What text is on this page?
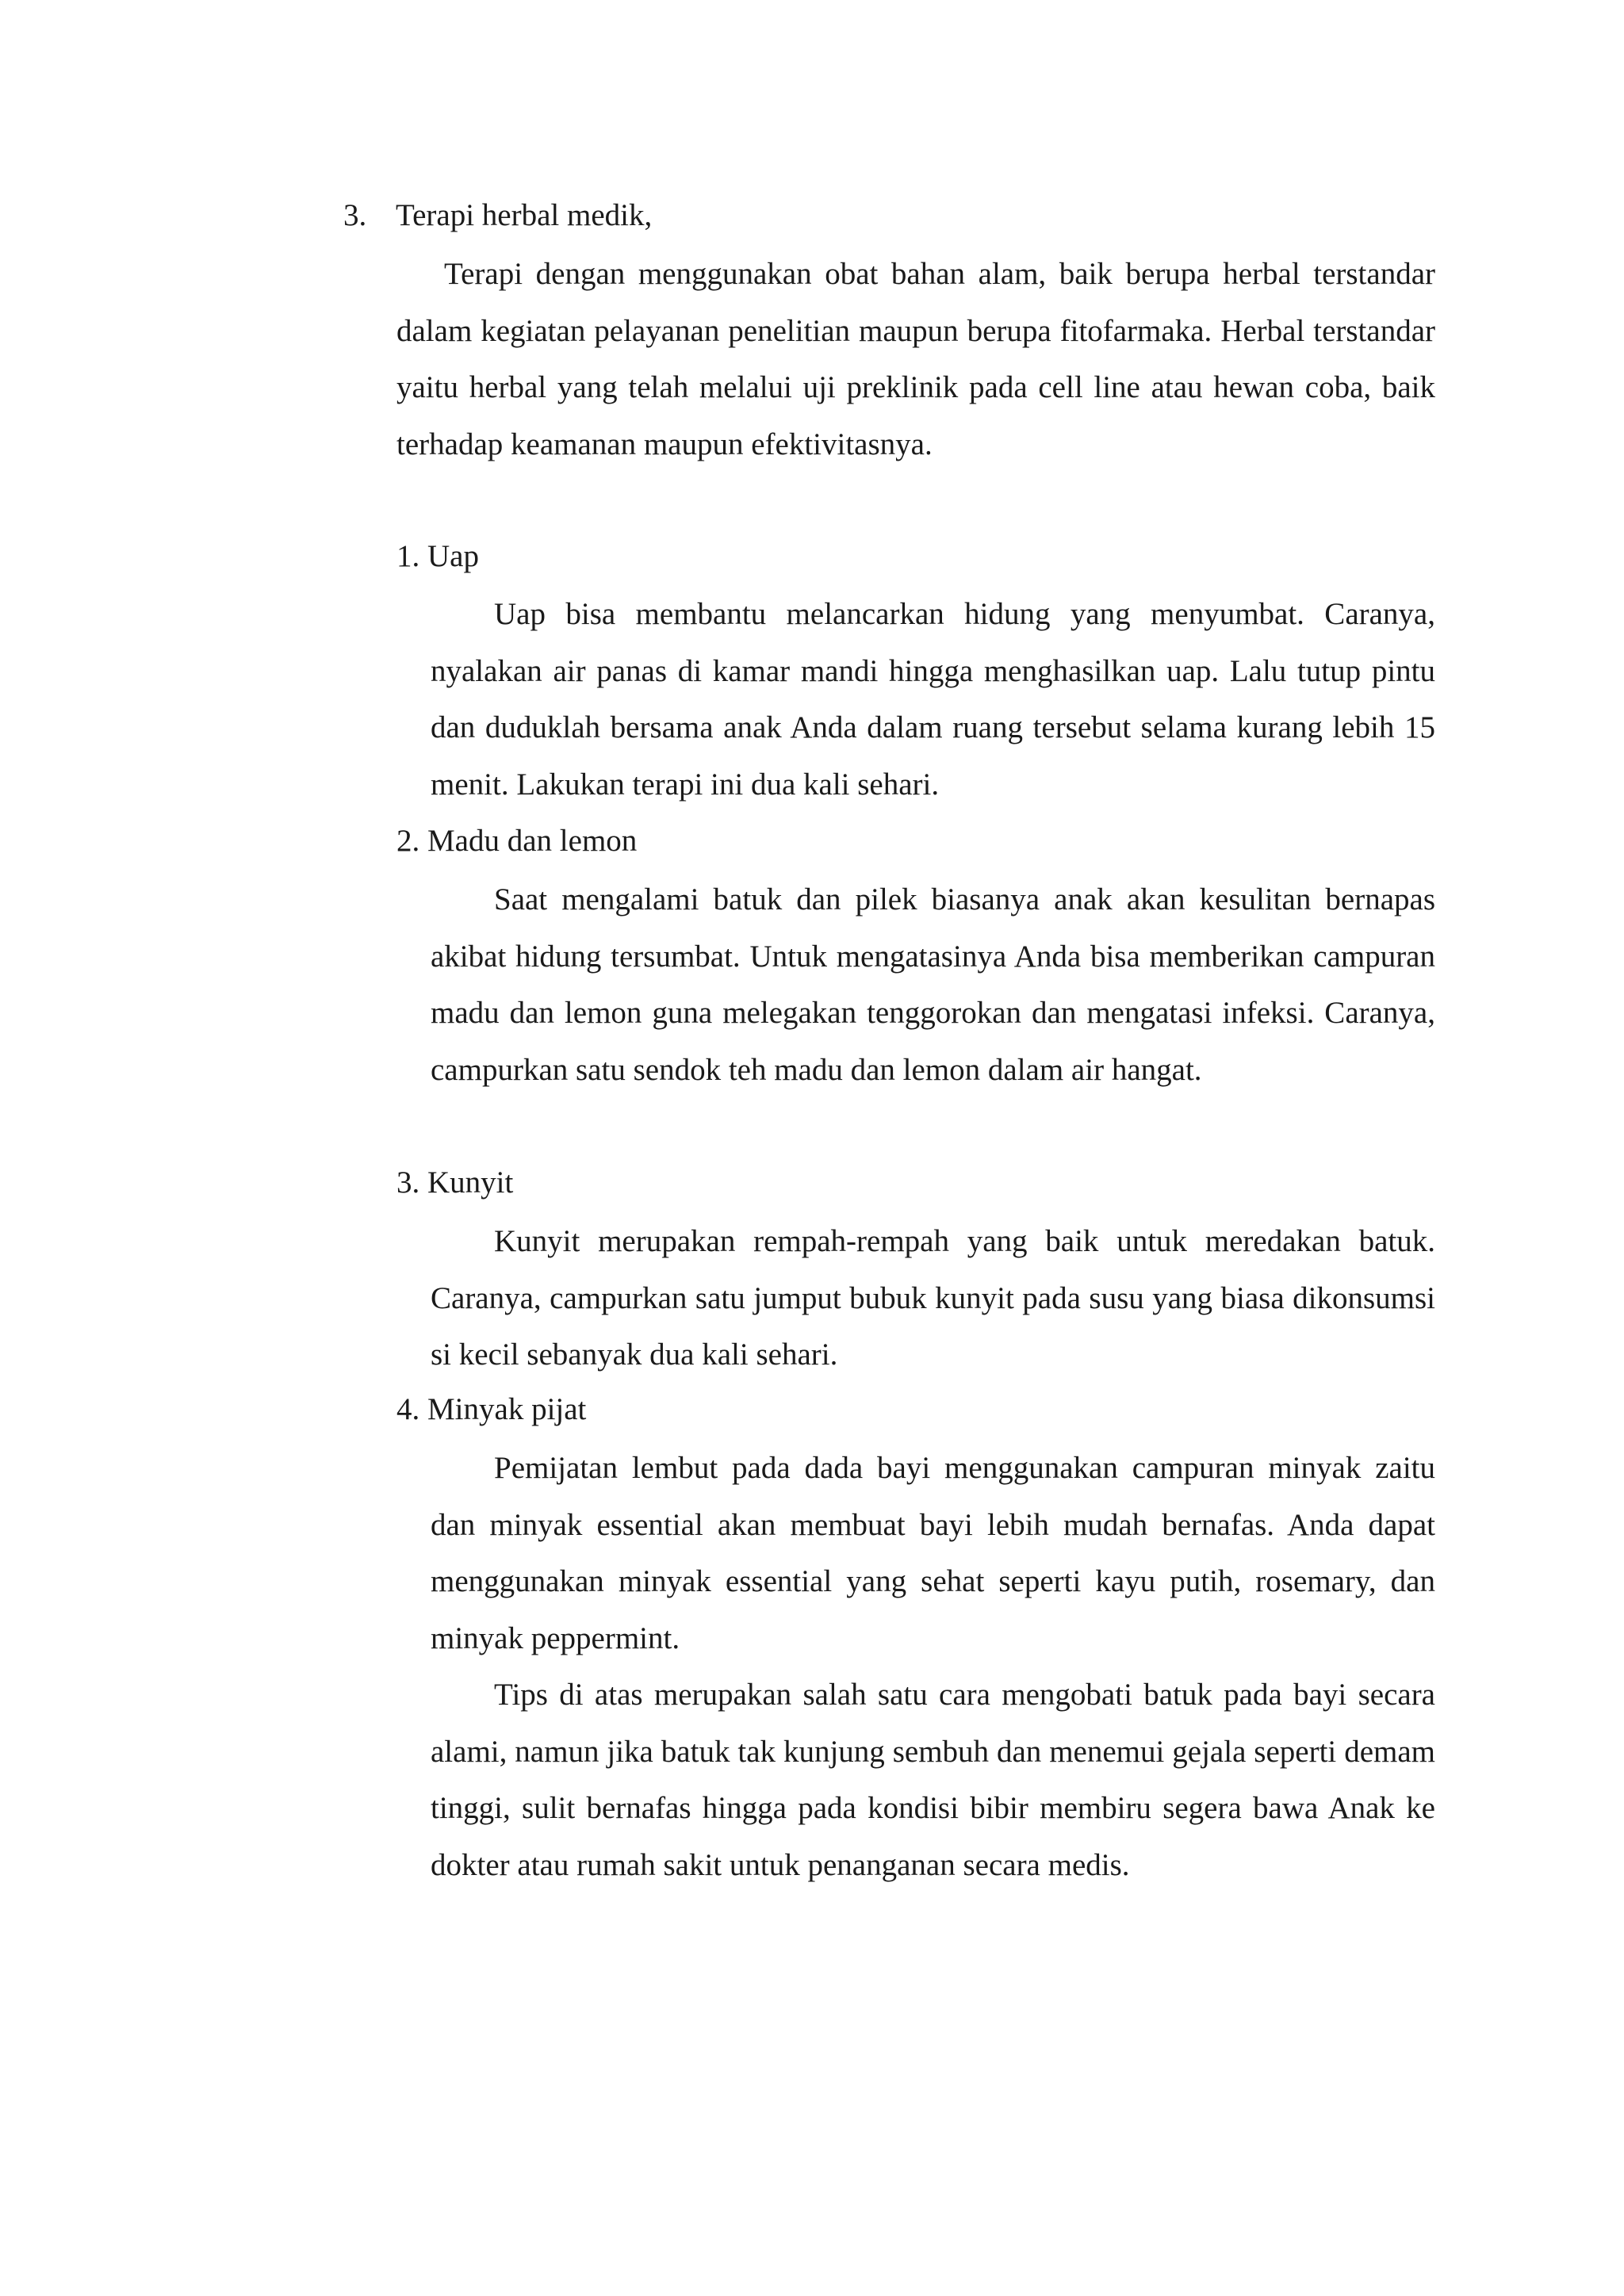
3. Terapi herbal medik,

Terapi dengan menggunakan obat bahan alam, baik berupa herbal terstandar dalam kegiatan pelayanan penelitian maupun berupa fitofarmaka. Herbal terstandar yaitu herbal yang telah melalui uji preklinik pada cell line atau hewan coba, baik terhadap keamanan maupun efektivitasnya.

1. Uap

Uap bisa membantu melancarkan hidung yang menyumbat. Caranya, nyalakan air panas di kamar mandi hingga menghasilkan uap. Lalu tutup pintu dan duduklah bersama anak Anda dalam ruang tersebut selama kurang lebih 15 menit. Lakukan terapi ini dua kali sehari.

2. Madu dan lemon

Saat mengalami batuk dan pilek biasanya anak akan kesulitan bernapas akibat hidung tersumbat. Untuk mengatasinya Anda bisa memberikan campuran madu dan lemon guna melegakan tenggorokan dan mengatasi infeksi. Caranya, campurkan satu sendok teh madu dan lemon dalam air hangat.

3. Kunyit

Kunyit merupakan rempah-rempah yang baik untuk meredakan batuk. Caranya, campurkan satu jumput bubuk kunyit pada susu yang biasa dikonsumsi si kecil sebanyak dua kali sehari.

4. Minyak pijat

Pemijatan lembut pada dada bayi menggunakan campuran minyak zaitu dan minyak essential akan membuat bayi lebih mudah bernafas. Anda dapat menggunakan minyak essential yang sehat seperti kayu putih, rosemary, dan minyak peppermint.

Tips di atas merupakan salah satu cara mengobati batuk pada bayi secara alami, namun jika batuk tak kunjung sembuh dan menemui gejala seperti demam tinggi, sulit bernafas hingga pada kondisi bibir membiru segera bawa Anak ke dokter atau rumah sakit untuk penanganan secara medis.
